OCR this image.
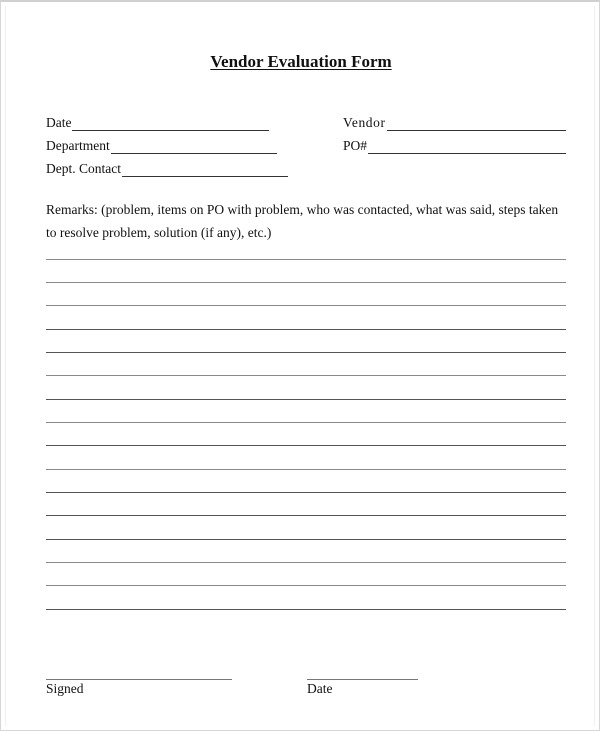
Vendor Evaluation Form
Date
Department
Dept. Contact
Vendor
PO#
Remarks: (problem, items on PO with problem, who was contacted, what was said, steps taken to resolve problem, solution (if any), etc.)
Signed	Date
